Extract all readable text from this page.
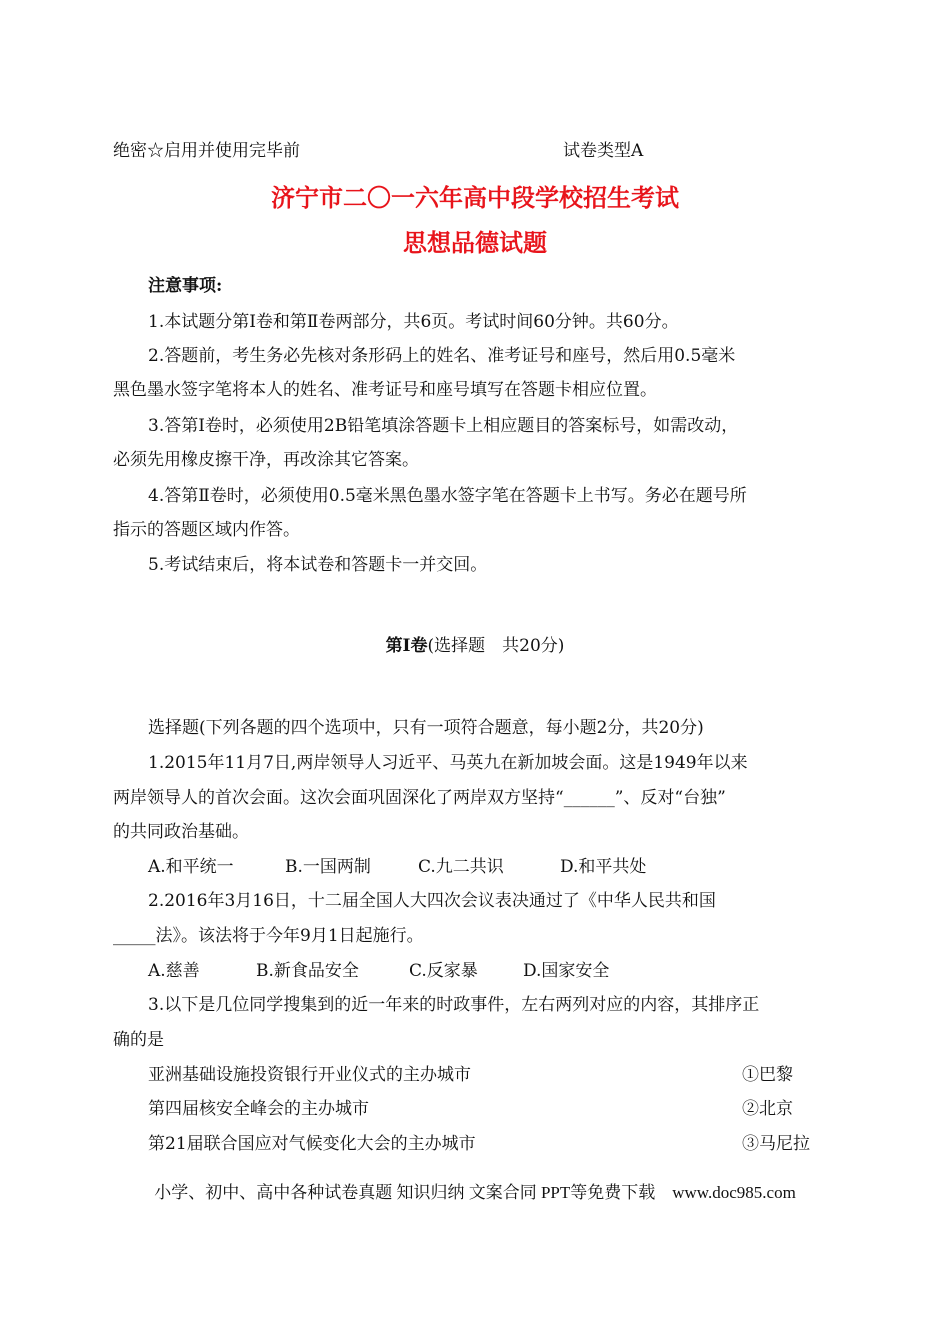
绝密☆启用并使用完毕前	试卷类型A
济宁市二〇一六年高中段学校招生考试
思想品德试题
注意事项:
1.本试题分第Ⅰ卷和第Ⅱ卷两部分，共6页。考试时间60分钟。共60分。
2.答题前，考生务必先核对条形码上的姓名、准考证号和座号，然后用0.5毫米
黑色墨水签字笔将本人的姓名、准考证号和座号填写在答题卡相应位置。
3.答第Ⅰ卷时，必须使用2B铅笔填涂答题卡上相应题目的答案标号，如需改动，
必须先用橡皮擦干净，再改涂其它答案。
4.答第Ⅱ卷时，必须使用0.5毫米黑色墨水签字笔在答题卡上书写。务必在题号所
指示的答题区域内作答。
5.考试结束后，将本试卷和答题卡一并交回。
第Ⅰ卷(选择题　共20分)
选择题(下列各题的四个选项中，只有一项符合题意，每小题2分，共20分)
1.2015年11月7日,两岸领导人习近平、马英九在新加坡会面。这是1949年以来
两岸领导人的首次会面。这次会面巩固深化了两岸双方坚持“______”、反对“台独”
的共同政治基础。
A.和平统一	B.一国两制	C.九二共识	D.和平共处
2.2016年3月16日，十二届全国人大四次会议表决通过了《中华人民共和国
_____法》。该法将于今年9月1日起施行。
A.慈善	B.新食品安全	C.反家暴	D.国家安全
3.以下是几位同学搜集到的近一年来的时政事件，左右两列对应的内容，其排序正
确的是
亚洲基础设施投资银行开业仪式的主办城市	①巴黎
第四届核安全峰会的主办城市	②北京
第21届联合国应对气候变化大会的主办城市	③马尼拉
小学、初中、高中各种试卷真题 知识归纳 文案合同 PPT等免费下载　www.doc985.com
